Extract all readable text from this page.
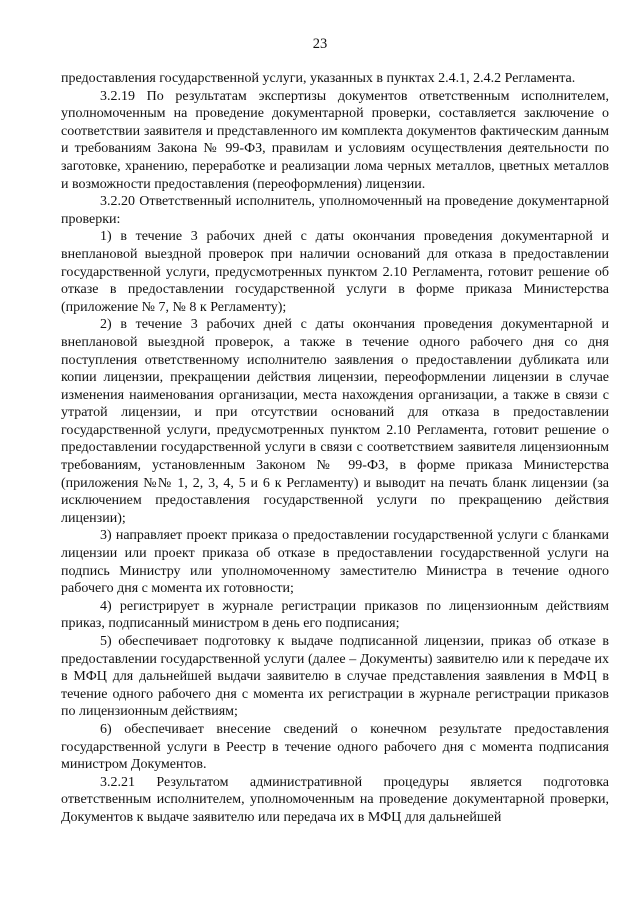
23

предоставления государственной услуги, указанных в пунктах 2.4.1, 2.4.2 Регламента.

3.2.19 По результатам экспертизы документов ответственным исполнителем, уполномоченным на проведение документарной проверки, составляется заключение о соответствии заявителя и представленного им комплекта документов фактическим данным и требованиям Закона № 99-ФЗ, правилам и условиям осуществления деятельности по заготовке, хранению, переработке и реализации лома черных металлов, цветных металлов и возможности предоставления (переоформления) лицензии.

3.2.20 Ответственный исполнитель, уполномоченный на проведение документарной проверки:

1) в течение 3 рабочих дней с даты окончания проведения документарной и внеплановой выездной проверок при наличии оснований для отказа в предоставлении государственной услуги, предусмотренных пунктом 2.10 Регламента, готовит решение об отказе в предоставлении государственной услуги в форме приказа Министерства (приложение № 7, № 8 к Регламенту);

2) в течение 3 рабочих дней с даты окончания проведения документарной и внеплановой выездной проверок, а также в течение одного рабочего дня со дня поступления ответственному исполнителю заявления о предоставлении дубликата или копии лицензии, прекращении действия лицензии, переоформлении лицензии в случае изменения наименования организации, места нахождения организации, а также в связи с утратой лицензии, и при отсутствии оснований для отказа в предоставлении государственной услуги, предусмотренных пунктом 2.10 Регламента, готовит решение о предоставлении государственной услуги в связи с соответствием заявителя лицензионным требованиям, установленным Законом № 99-ФЗ, в форме приказа Министерства (приложения №№ 1, 2, 3, 4, 5 и 6 к Регламенту) и выводит на печать бланк лицензии (за исключением предоставления государственной услуги по прекращению действия лицензии);

3) направляет проект приказа о предоставлении государственной услуги с бланками лицензии или проект приказа об отказе в предоставлении государственной услуги на подпись Министру или уполномоченному заместителю Министра в течение одного рабочего дня с момента их готовности;

4) регистрирует в журнале регистрации приказов по лицензионным действиям приказ, подписанный министром в день его подписания;

5) обеспечивает подготовку к выдаче подписанной лицензии, приказ об отказе в предоставлении государственной услуги (далее – Документы) заявителю или к передаче их в МФЦ для дальнейшей выдачи заявителю в случае представления заявления в МФЦ в течение одного рабочего дня с момента их регистрации в журнале регистрации приказов по лицензионным действиям;

6) обеспечивает внесение сведений о конечном результате предоставления государственной услуги в Реестр в течение одного рабочего дня с момента подписания министром Документов.

3.2.21 Результатом административной процедуры является подготовка ответственным исполнителем, уполномоченным на проведение документарной проверки, Документов к выдаче заявителю или передача их в МФЦ для дальнейшей
